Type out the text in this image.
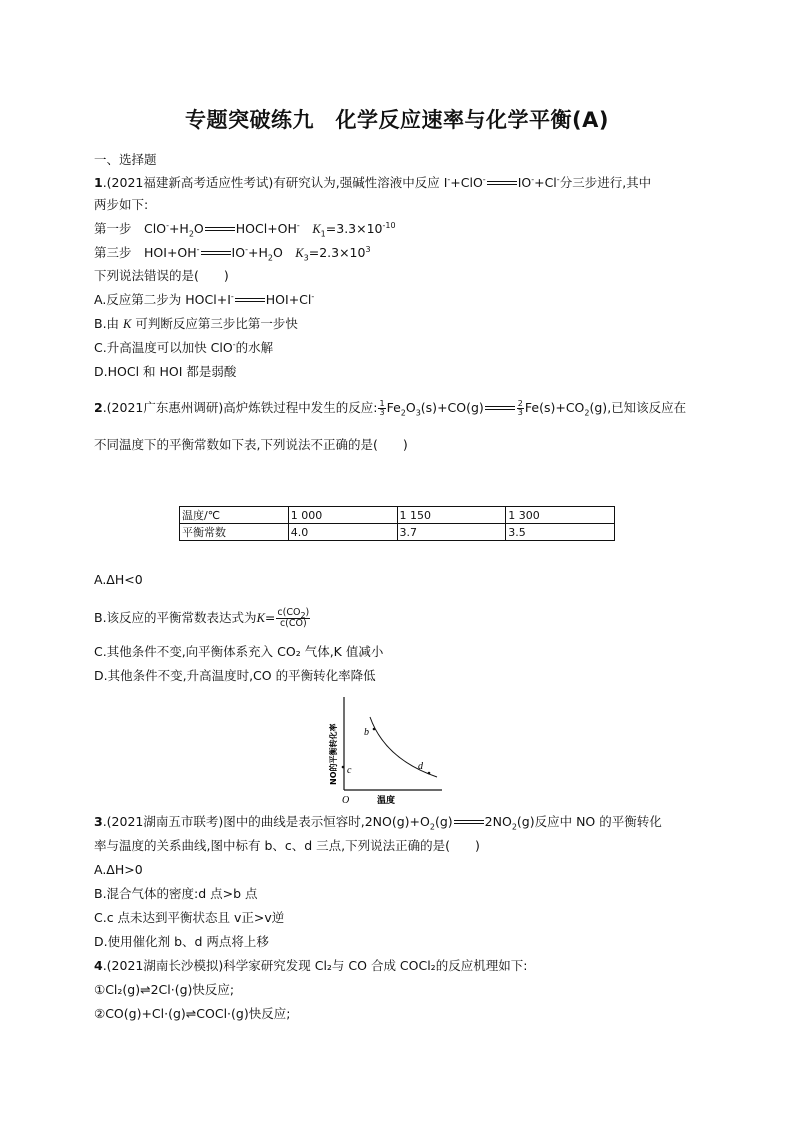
专题突破练九　化学反应速率与化学平衡(A)
一、选择题
1.(2021福建新高考适应性考试)有研究认为,强碱性溶液中反应 I-+ClO-	IO-+Cl-分三步进行,其中
两步如下:
第一步　$ClO^-+H_2O$	HOCl+OH-　 $K_1=3.3\times 10^{-10}$
第三步　HOI+OH-	$IO^-+H_2O$　$K_3=2.3\times 10^3$
下列说法错误的是(　　)
A.反应第二步为 HOCl+I-	HOI+Cl-
B.由 K 可判断反应第三步比第一步快
C.升高温度可以加快 ClO-的水解
D.HOCl 和 HOI 都是弱酸
2.(2021广东惠州调研)高炉炼铁过程中发生的反应: $\frac{1}{3} Fe_2O_3(s)+CO(g)$	$\frac{2}{3} Fe(s)+CO_2(g)$,已知该反应在
不同温度下的平衡常数如下表,下列说法不正确的是(　　)
温度/℃	1 000	1 150	1 300
平衡常数	4.0	3.7	3.5
A.ΔH<0
B.该反应的平衡常数表达式为$K= \frac{c(CO_2)}{c(CO)}$
C.其他条件不变,向平衡体系充入 CO₂ 气体,K 值减小
D.其他条件不变,升高温度时,CO 的平衡转化率降低
b
c	d
O	温度
NO的平衡转化率
3.(2021湖南五市联考)图中的曲线是表示恒容时$,2NO(g)+O_2(g)$	$2NO_2(g)$反应中 NO 的平衡转化
率与温度的关系曲线,图中标有 b、c、d 三点,下列说法正确的是(　　)
A.ΔH>0
B.混合气体的密度:d 点>b 点
C.c 点未达到平衡状态且 v正>v逆
D.使用催化剂 b、d 两点将上移
4.(2021湖南长沙模拟)科学家研究发现 Cl₂与 CO 合成 COCl₂的反应机理如下:
①Cl₂(g)⇌2Cl·(g)快反应;
②CO(g)+Cl·(g)⇌COCl·(g)快反应;
